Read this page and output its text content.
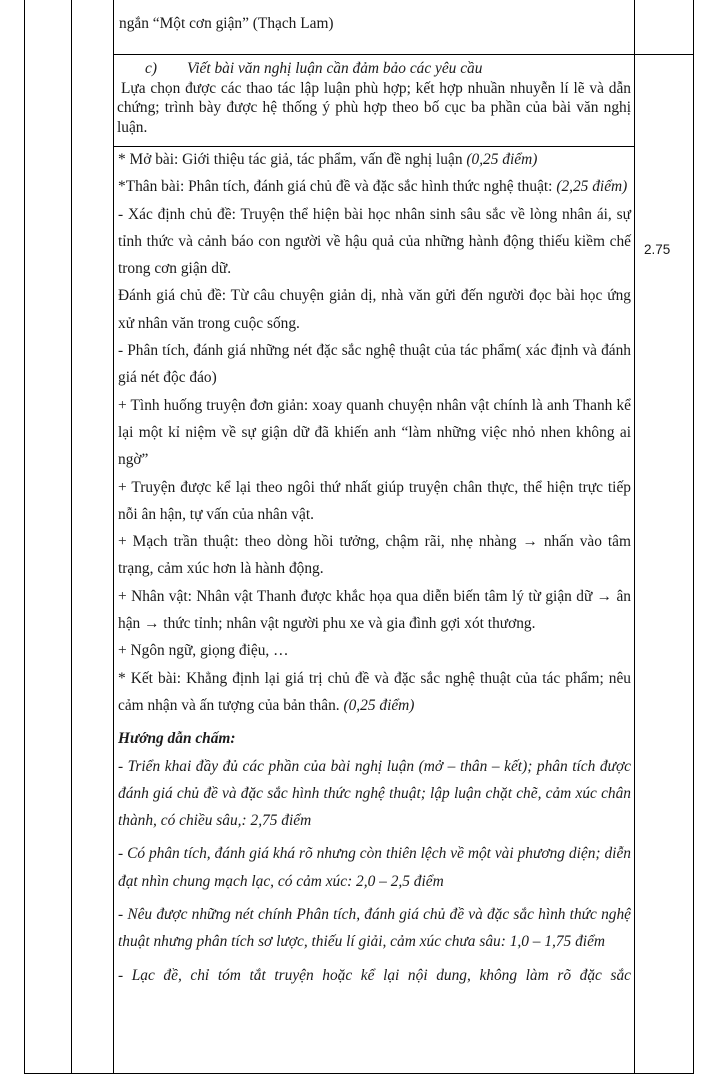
ngắn “Một cơn giận” (Thạch Lam)

c) Viết bài văn nghị luận cần đảm bảo các yêu cầu

Lựa chọn được các thao tác lập luận phù hợp; kết hợp nhuần nhuyễn lí lẽ và dẫn chứng; trình bày được hệ thống ý phù hợp theo bố cục ba phần của bài văn nghị luận.

2.75

* Mở bài: Giới thiệu tác giả, tác phẩm, vấn đề nghị luận (0,25 điểm)

*Thân bài: Phân tích, đánh giá chủ đề và đặc sắc hình thức nghệ thuật: (2,25 điểm)

- Xác định chủ đề: Truyện thể hiện bài học nhân sinh sâu sắc về lòng nhân ái, sự tỉnh thức và cảnh báo con người về hậu quả của những hành động thiếu kiềm chế trong cơn giận dữ.

Đánh giá chủ đề: Từ câu chuyện giản dị, nhà văn gửi đến người đọc bài học ứng xử nhân văn trong cuộc sống.

- Phân tích, đánh giá những nét đặc sắc nghệ thuật của tác phẩm( xác định và đánh giá nét độc đáo)

+ Tình huống truyện đơn giản: xoay quanh chuyện nhân vật chính là anh Thanh kể lại một kỉ niệm về sự giận dữ đã khiến anh “làm những việc nhỏ nhen không ai ngờ”

+ Truyện được kể lại theo ngôi thứ nhất giúp truyện chân thực, thể hiện trực tiếp nỗi ân hận, tự vấn của nhân vật.

+ Mạch trần thuật: theo dòng hồi tưởng, chậm rãi, nhẹ nhàng → nhấn vào tâm trạng, cảm xúc hơn là hành động.

+ Nhân vật: Nhân vật Thanh được khắc họa qua diễn biến tâm lý từ giận dữ → ân hận → thức tỉnh; nhân vật người phu xe và gia đình gợi xót thương.

+ Ngôn ngữ, giọng điệu, …

* Kết bài: Khẳng định lại giá trị chủ đề và đặc sắc nghệ thuật của tác phẩm; nêu cảm nhận và ấn tượng của bản thân. (0,25 điểm)

Hướng dẫn chấm:

- Triển khai đầy đủ các phần của bài nghị luận (mở – thân – kết); phân tích được đánh giá chủ đề và đặc sắc hình thức nghệ thuật; lập luận chặt chẽ, cảm xúc chân thành, có chiều sâu,: 2,75 điểm

- Có phân tích, đánh giá khá rõ nhưng còn thiên lệch về một vài phương diện; diễn đạt nhìn chung mạch lạc, có cảm xúc: 2,0 – 2,5 điểm

- Nêu được những nét chính Phân tích, đánh giá chủ đề và đặc sắc hình thức nghệ thuật nhưng phân tích sơ lược, thiếu lí giải, cảm xúc chưa sâu: 1,0 – 1,75 điểm

- Lạc đề, chỉ tóm tắt truyện hoặc kể lại nội dung, không làm rõ đặc sắc
